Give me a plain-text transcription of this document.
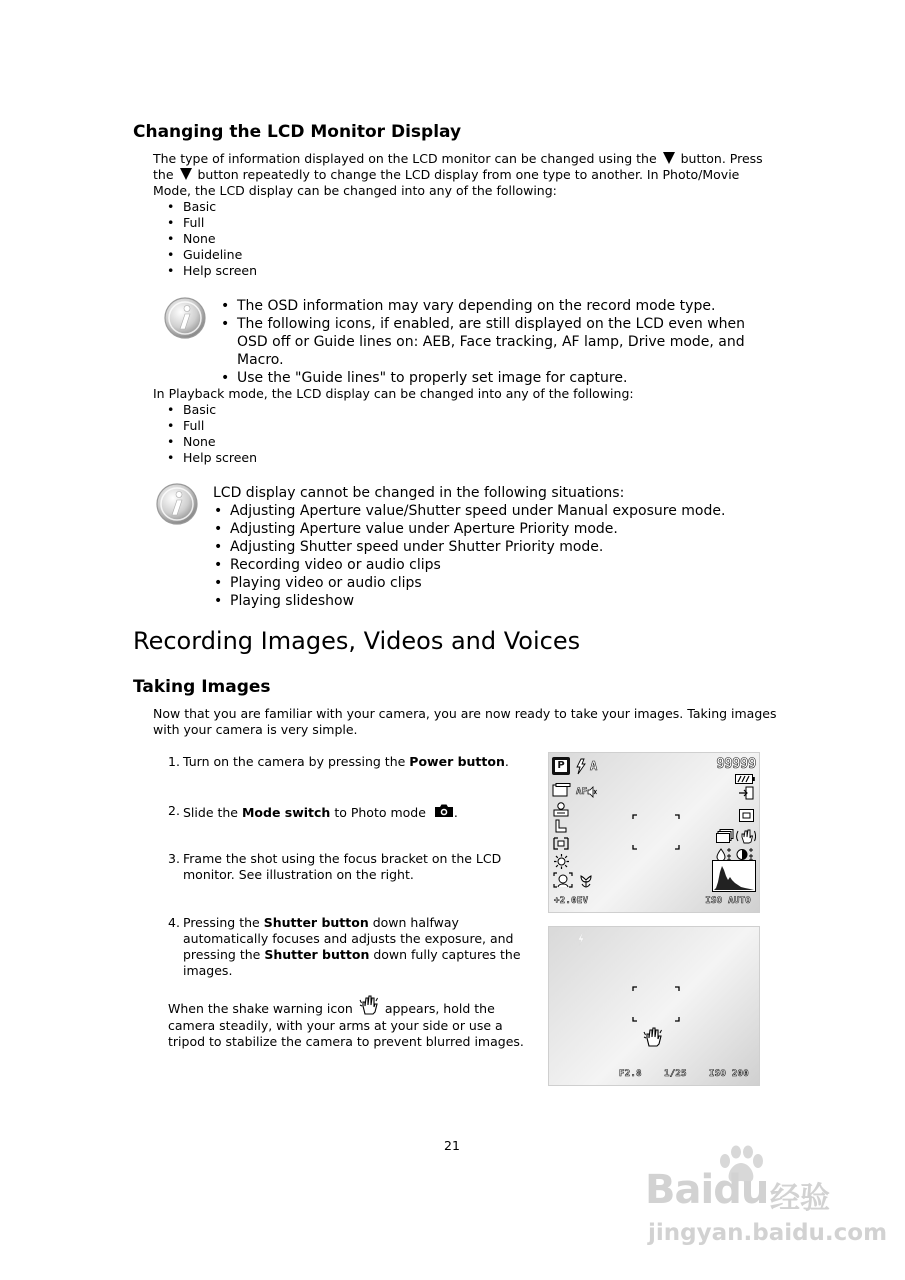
Changing the LCD Monitor Display
The type of information displayed on the LCD monitor can be changed using the button. Press the button repeatedly to change the LCD display from one type to another. In Photo/Movie Mode, the LCD display can be changed into any of the following:
• Basic
• Full
• None
• Guideline
• Help screen
• The OSD information may vary depending on the record mode type.
• The following icons, if enabled, are still displayed on the LCD even when OSD off or Guide lines on: AEB, Face tracking, AF lamp, Drive mode, and Macro.
• Use the "Guide lines" to properly set image for capture.
In Playback mode, the LCD display can be changed into any of the following:
• Basic
• Full
• None
• Help screen
LCD display cannot be changed in the following situations:
• Adjusting Aperture value/Shutter speed under Manual exposure mode.
• Adjusting Aperture value under Aperture Priority mode.
• Adjusting Shutter speed under Shutter Priority mode.
• Recording video or audio clips
• Playing video or audio clips
• Playing slideshow
Recording Images, Videos and Voices
Taking Images
Now that you are familiar with your camera, you are now ready to take your images. Taking images with your camera is very simple.
1. Turn on the camera by pressing the Power button.
2. Slide the Mode switch to Photo mode .
3. Frame the shot using the focus bracket on the LCD monitor. See illustration on the right.
4. Pressing the Shutter button down halfway automatically focuses and adjusts the exposure, and pressing the Shutter button down fully captures the images.
When the shake warning icon	appears, hold the camera steadily, with your arms at your side or use a tripod to stabilize the camera to prevent blurred images.
P A	99999
AF
+2.0EV	ISO AUTO
F2.8 1/25 ISO 200
21
Baidu 经验
jingyan.baidu.com
